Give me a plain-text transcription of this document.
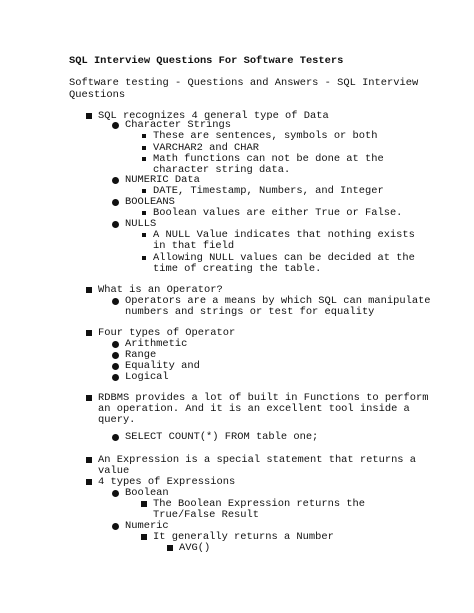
SQL Interview Questions For Software Testers
Software testing - Questions and Answers - SQL Interview
Questions
SQL recognizes 4 general type of Data
Character Strings
These are sentences, symbols or both
VARCHAR2 and CHAR
Math functions can not be done at the
character string data.
NUMERIC Data
DATE, Timestamp, Numbers, and Integer
BOOLEANS
Boolean values are either True or False.
NULLS
A NULL Value indicates that nothing exists
in that field
Allowing NULL values can be decided at the
time of creating the table.
What is an Operator?
Operators are a means by which SQL can manipulate
numbers and strings or test for equality
Four types of Operator
Arithmetic
Range
Equality and
Logical
RDBMS provides a lot of built in Functions to perform
an operation. And it is an excellent tool inside a
query.
SELECT COUNT(*) FROM table one;
An Expression is a special statement that returns a
value
4 types of Expressions
Boolean
The Boolean Expression returns the
True/False Result
Numeric
It generally returns a Number
AVG()
